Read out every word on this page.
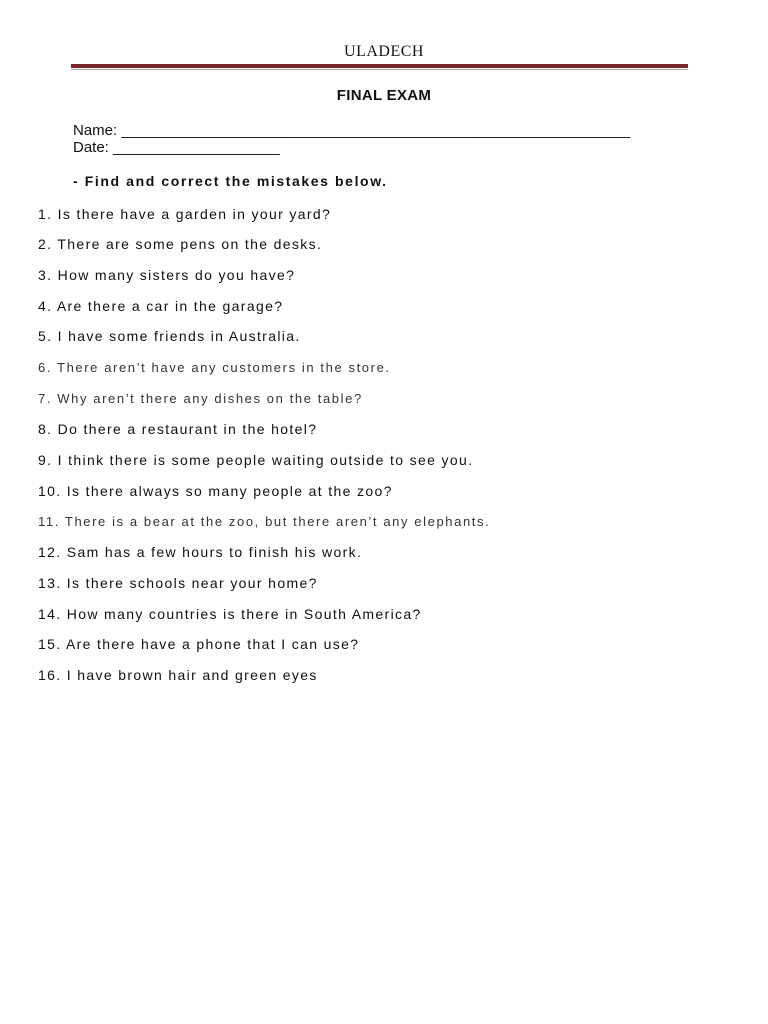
ULADECH
FINAL EXAM
Name: _____________________________________________________________
Date: ____________________
- Find and correct the mistakes below.
1. Is there have a garden in your yard?
2. There are some pens on the desks.
3. How many sisters do you have?
4. Are there a car in the garage?
5. I have some friends in Australia.
6. There aren’t have any customers in the store.
7. Why aren’t there any dishes on the table?
8. Do there a restaurant in the hotel?
9. I think there is some people waiting outside to see you.
10. Is there always so many people at the zoo?
11. There is a bear at the zoo, but there aren’t any elephants.
12. Sam has a few hours to finish his work.
13. Is there schools near your home?
14. How many countries is there in South America?
15. Are there have a phone that I can use?
16. I have brown hair and green eyes
